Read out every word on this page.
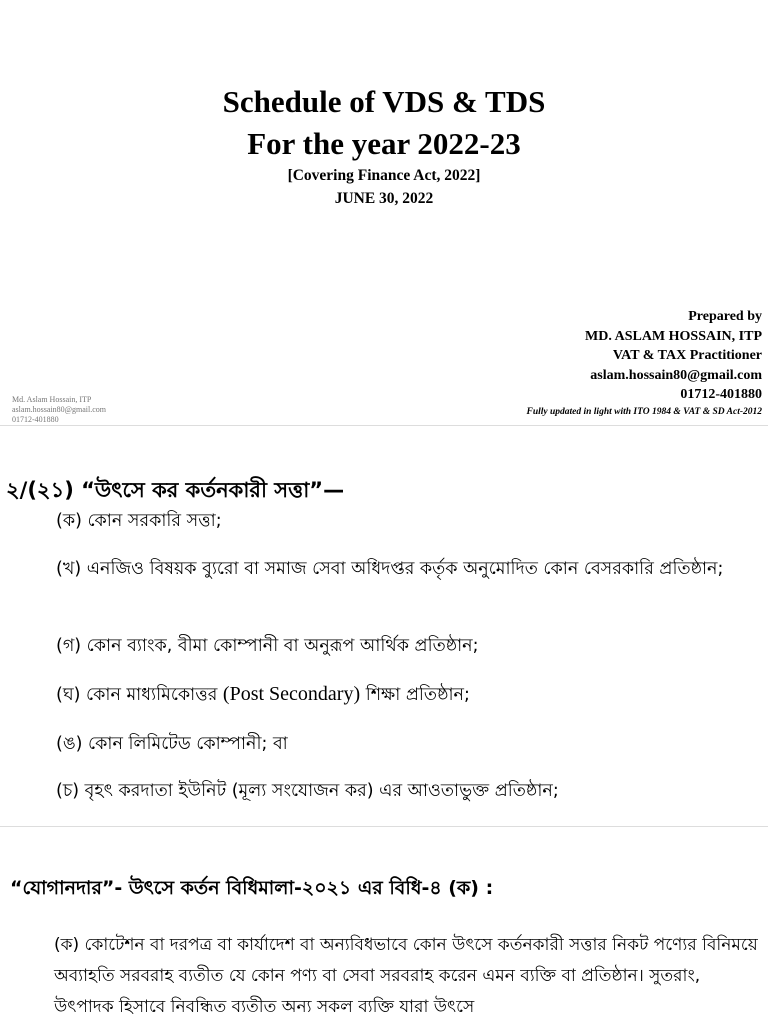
Schedule of VDS & TDS
For the year 2022-23
[Covering Finance Act, 2022]
JUNE 30, 2022
Prepared by
MD. ASLAM HOSSAIN, ITP
VAT & TAX Practitioner
aslam.hossain80@gmail.com
01712-401880
Fully updated in light with ITO 1984 & VAT & SD Act-2012
Md. Aslam Hossain, ITP
aslam.hossain80@gmail.com
01712-401880
২/(২১) “উৎসে কর কর্তনকারী সত্তা”—
(ক) কোন সরকারি সত্তা;
(খ) এনজিও বিষয়ক ব্যুরো বা সমাজ সেবা অধিদপ্তর কর্তৃক অনুমোদিত কোন বেসরকারি প্রতিষ্ঠান;
(গ) কোন ব্যাংক, বীমা কোম্পানী বা অনুরূপ আর্থিক প্রতিষ্ঠান;
(ঘ) কোন মাধ্যমিকোত্তর (Post Secondary) শিক্ষা প্রতিষ্ঠান;
(ঙ) কোন লিমিটেড কোম্পানী; বা
(চ) বৃহৎ করদাতা ইউনিট (মূল্য সংযোজন কর) এর আওতাভুক্ত প্রতিষ্ঠান;
“যোগানদার”- উৎসে কর্তন বিধিমালা-২০২১ এর বিধি-৪ (ক) :
(ক) কোটেশন বা দরপত্র বা কার্যাদেশ বা অন্যবিধভাবে কোন উৎসে কর্তনকারী সত্তার নিকট পণ্যের বিনিময়ে অব্যাহতি সরবরাহ ব্যতীত যে কোন পণ্য বা সেবা সরবরাহ করেন এমন ব্যক্তি বা প্রতিষ্ঠান। সুতরাং, উৎপাদক হিসাবে নিবন্ধিত ব্যতীত অন্য সকল ব্যক্তি যারা উৎসে
